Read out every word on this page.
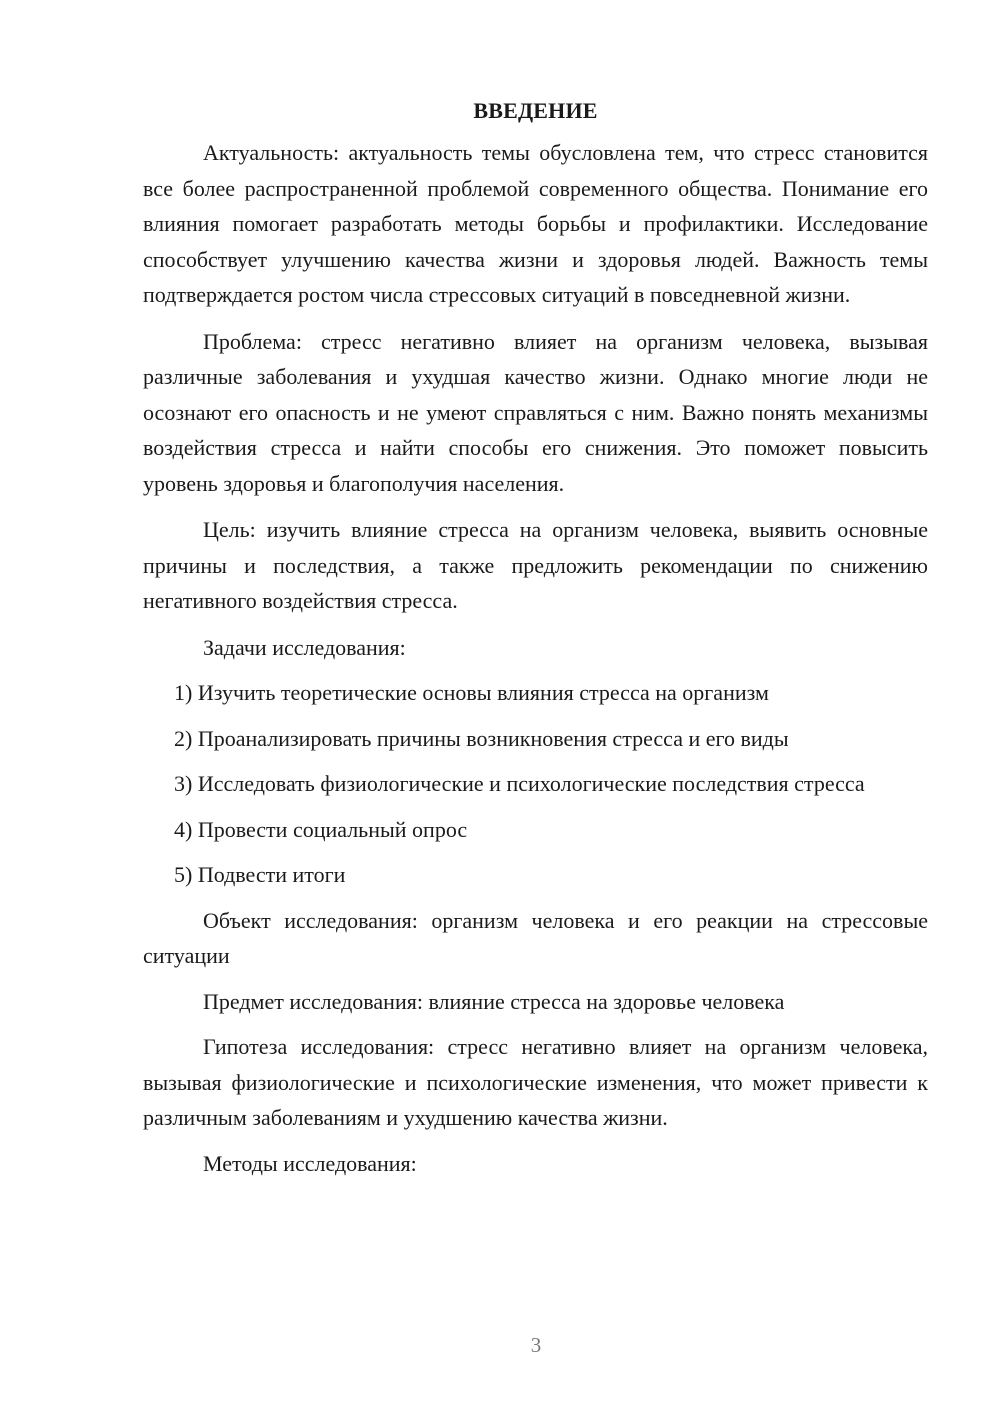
ВВЕДЕНИЕ

Актуальность: актуальность темы обусловлена тем, что стресс становится все более распространенной проблемой современного общества. Понимание его влияния помогает разработать методы борьбы и профилактики. Исследование способствует улучшению качества жизни и здоровья людей. Важность темы подтверждается ростом числа стрессовых ситуаций в повседневной жизни.

Проблема: стресс негативно влияет на организм человека, вызывая различные заболевания и ухудшая качество жизни. Однако многие люди не осознают его опасность и не умеют справляться с ним. Важно понять механизмы воздействия стресса и найти способы его снижения. Это поможет повысить уровень здоровья и благополучия населения.

Цель: изучить влияние стресса на организм человека, выявить основные причины и последствия, а также предложить рекомендации по снижению негативного воздействия стресса.

Задачи исследования:

1) Изучить теоретические основы влияния стресса на организм

2) Проанализировать причины возникновения стресса и его виды

3) Исследовать физиологические и психологические последствия стресса

4) Провести социальный опрос

5) Подвести итоги

Объект исследования: организм человека и его реакции на стрессовые ситуации

Предмет исследования: влияние стресса на здоровье человека

Гипотеза исследования: стресс негативно влияет на организм человека, вызывая физиологические и психологические изменения, что может привести к различным заболеваниям и ухудшению качества жизни.

Методы исследования:

3
